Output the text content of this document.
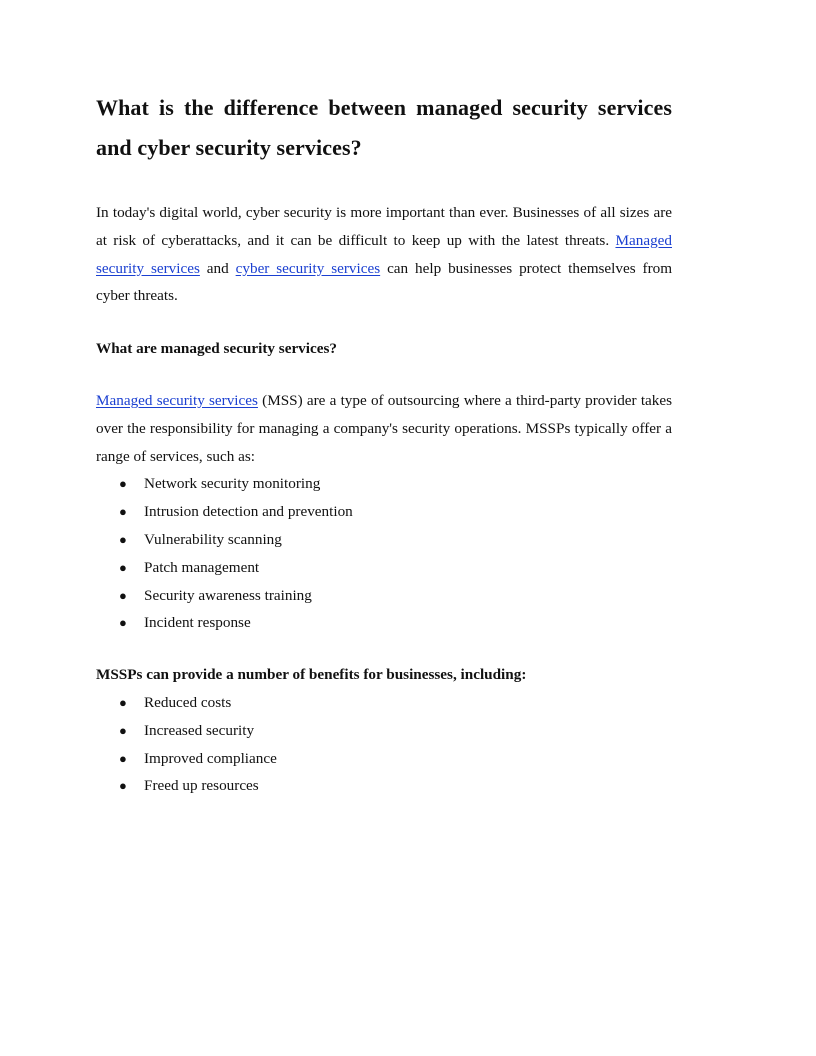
What is the difference between managed security services and cyber security services?

In today's digital world, cyber security is more important than ever. Businesses of all sizes are at risk of cyberattacks, and it can be difficult to keep up with the latest threats. Managed security services and cyber security services can help businesses protect themselves from cyber threats.

What are managed security services?

Managed security services (MSS) are a type of outsourcing where a third-party provider takes over the responsibility for managing a company's security operations. MSSPs typically offer a range of services, such as:

● Network security monitoring
● Intrusion detection and prevention
● Vulnerability scanning
● Patch management
● Security awareness training
● Incident response

MSSPs can provide a number of benefits for businesses, including:

● Reduced costs
● Increased security
● Improved compliance
● Freed up resources
